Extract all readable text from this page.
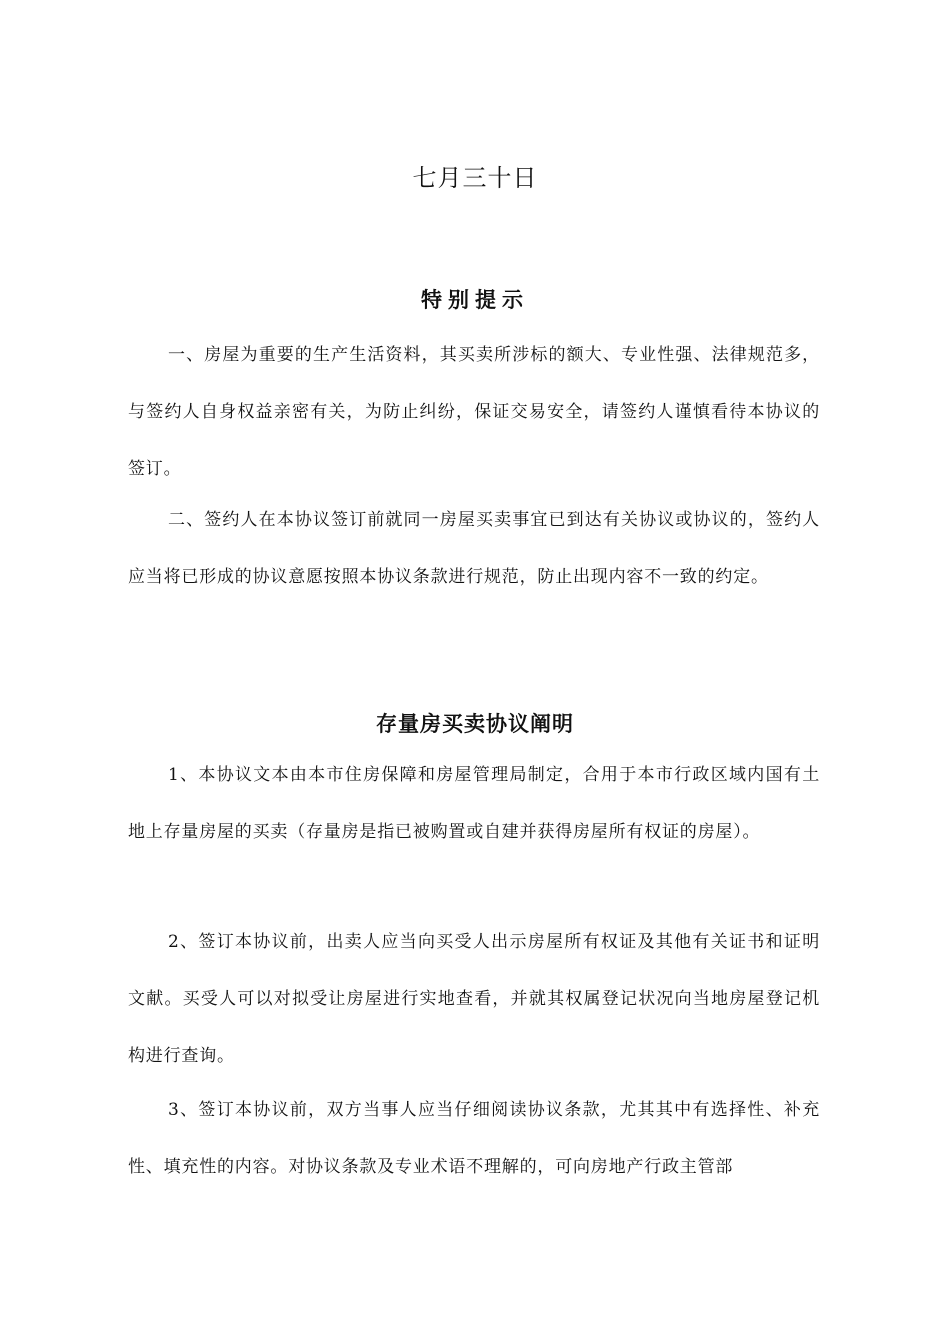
七月三十日
特别提示

一、房屋为重要的生产生活资料，其买卖所涉标的额大、专业性强、法律规范多，与签约人自身权益亲密有关，为防止纠纷，保证交易安全，请签约人谨慎看待本协议的签订。

二、签约人在本协议签订前就同一房屋买卖事宜已到达有关协议或协议的，签约人应当将已形成的协议意愿按照本协议条款进行规范，防止出现内容不一致的约定。

存量房买卖协议阐明

1、本协议文本由本市住房保障和房屋管理局制定，合用于本市行政区域内国有土地上存量房屋的买卖（存量房是指已被购置或自建并获得房屋所有权证的房屋）。

2、签订本协议前，出卖人应当向买受人出示房屋所有权证及其他有关证书和证明文献。买受人可以对拟受让房屋进行实地查看，并就其权属登记状况向当地房屋登记机构进行查询。

3、签订本协议前，双方当事人应当仔细阅读协议条款，尤其其中有选择性、补充性、填充性的内容。对协议条款及专业术语不理解的，可向房地产行政主管部
